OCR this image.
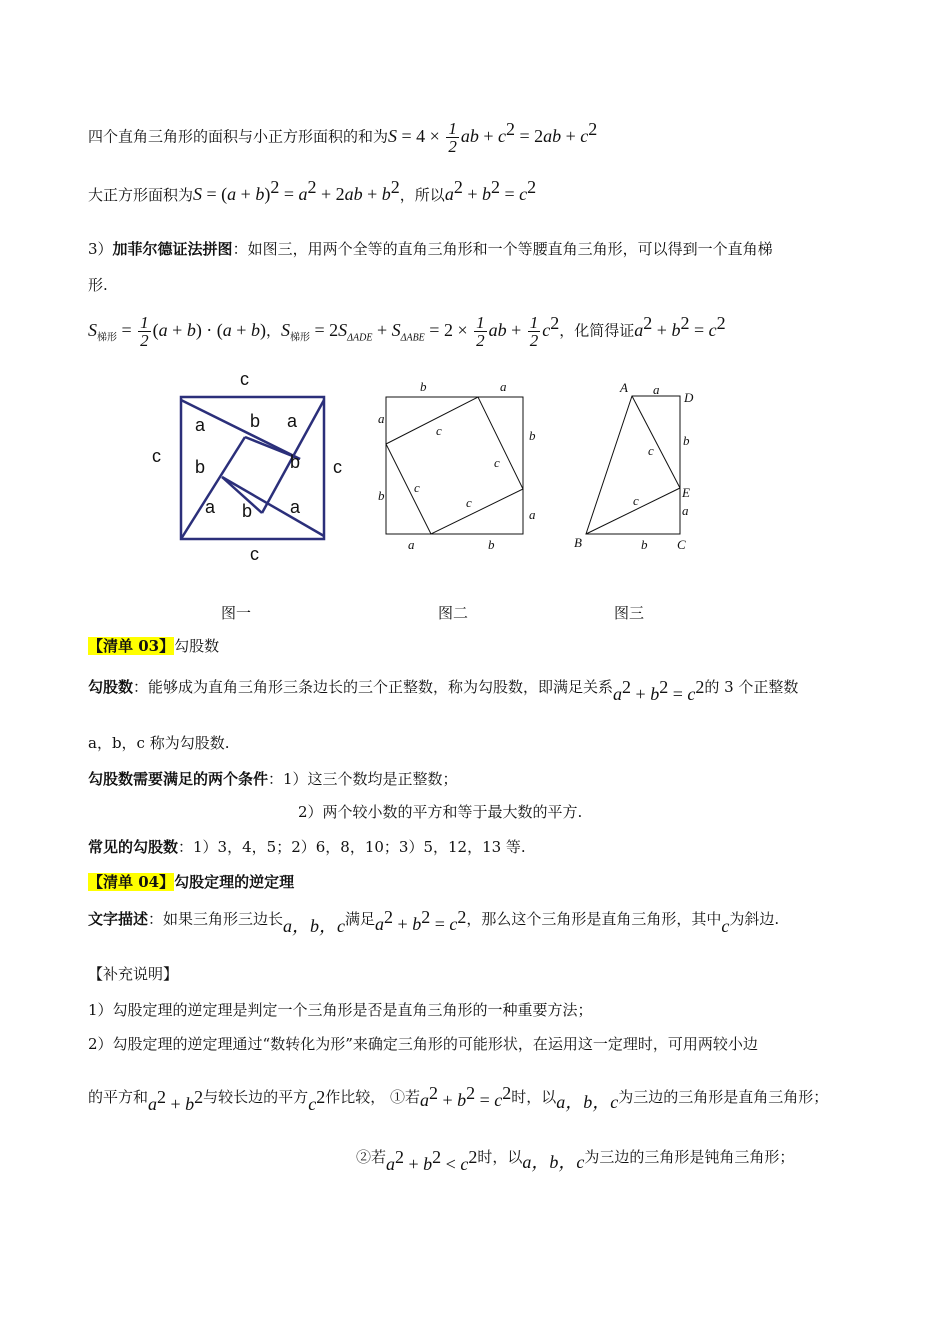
四个直角三角形的面积与小正方形面积的和为$S = 4 \times \frac{1}{2}$ ab + $c^2 = 2ab + c^2$
大正方形面积为$S = (a + b)^2 = a^2 + 2ab + b^2$，所以$a^2 + b^2 = c^2$
3）加菲尔德证法拼图：如图三，用两个全等的直角三角形和一个等腰直角三角形，可以得到一个直角梯
形.
$S_{梯形} = \frac{1}{2} (a + b) \cdot (a + b)$，$S_{梯形} = 2S_{\Delta ADE} + S_{\Delta ABE} = 2 \times \frac{1}{2}$ ab + $\frac{1}{2} c^2$，化简得证$a^2 + b^2 = c^2$
c
c
c
c
a b a
b	b
a b a
b	a
a
b
c
c
c
c
b
a
a	b
A a
D
c
b
E
c
a
B	b C
图一	图二	图三
【清单 03】勾股数
勾股数：能够成为直角三角形三条边长的三个正整数，称为勾股数，即满足关系$a^2 + b^2 = c^2$的 3 个正整数
a，b，c 称为勾股数.
勾股数需要满足的两个条件：1）这三个数均是正整数；
2）两个较小数的平方和等于最大数的平方.
常见的勾股数：1）3，4，5；2）6，8，10；3）5，12，13 等.
【清单 04】勾股定理的逆定理
文字描述：如果三角形三边长a，b，c满足$a^2 + b^2 = c^2$，那么这个三角形是直角三角形，其中c为斜边.
【补充说明】
1）勾股定理的逆定理是判定一个三角形是否是直角三角形的一种重要方法；
2）勾股定理的逆定理通过“数转化为形”来确定三角形的可能形状，在运用这一定理时，可用两较小边
的平方和$a^2 + b^2$与较长边的平方$c^2$作比较， ①若$a^2 + b^2 = c^2$时，以a，b，c为三边的三角形是直角三角形；
②若$a^2 + b^2 < c^2$时，以a，b，c为三边的三角形是钝角三角形；
